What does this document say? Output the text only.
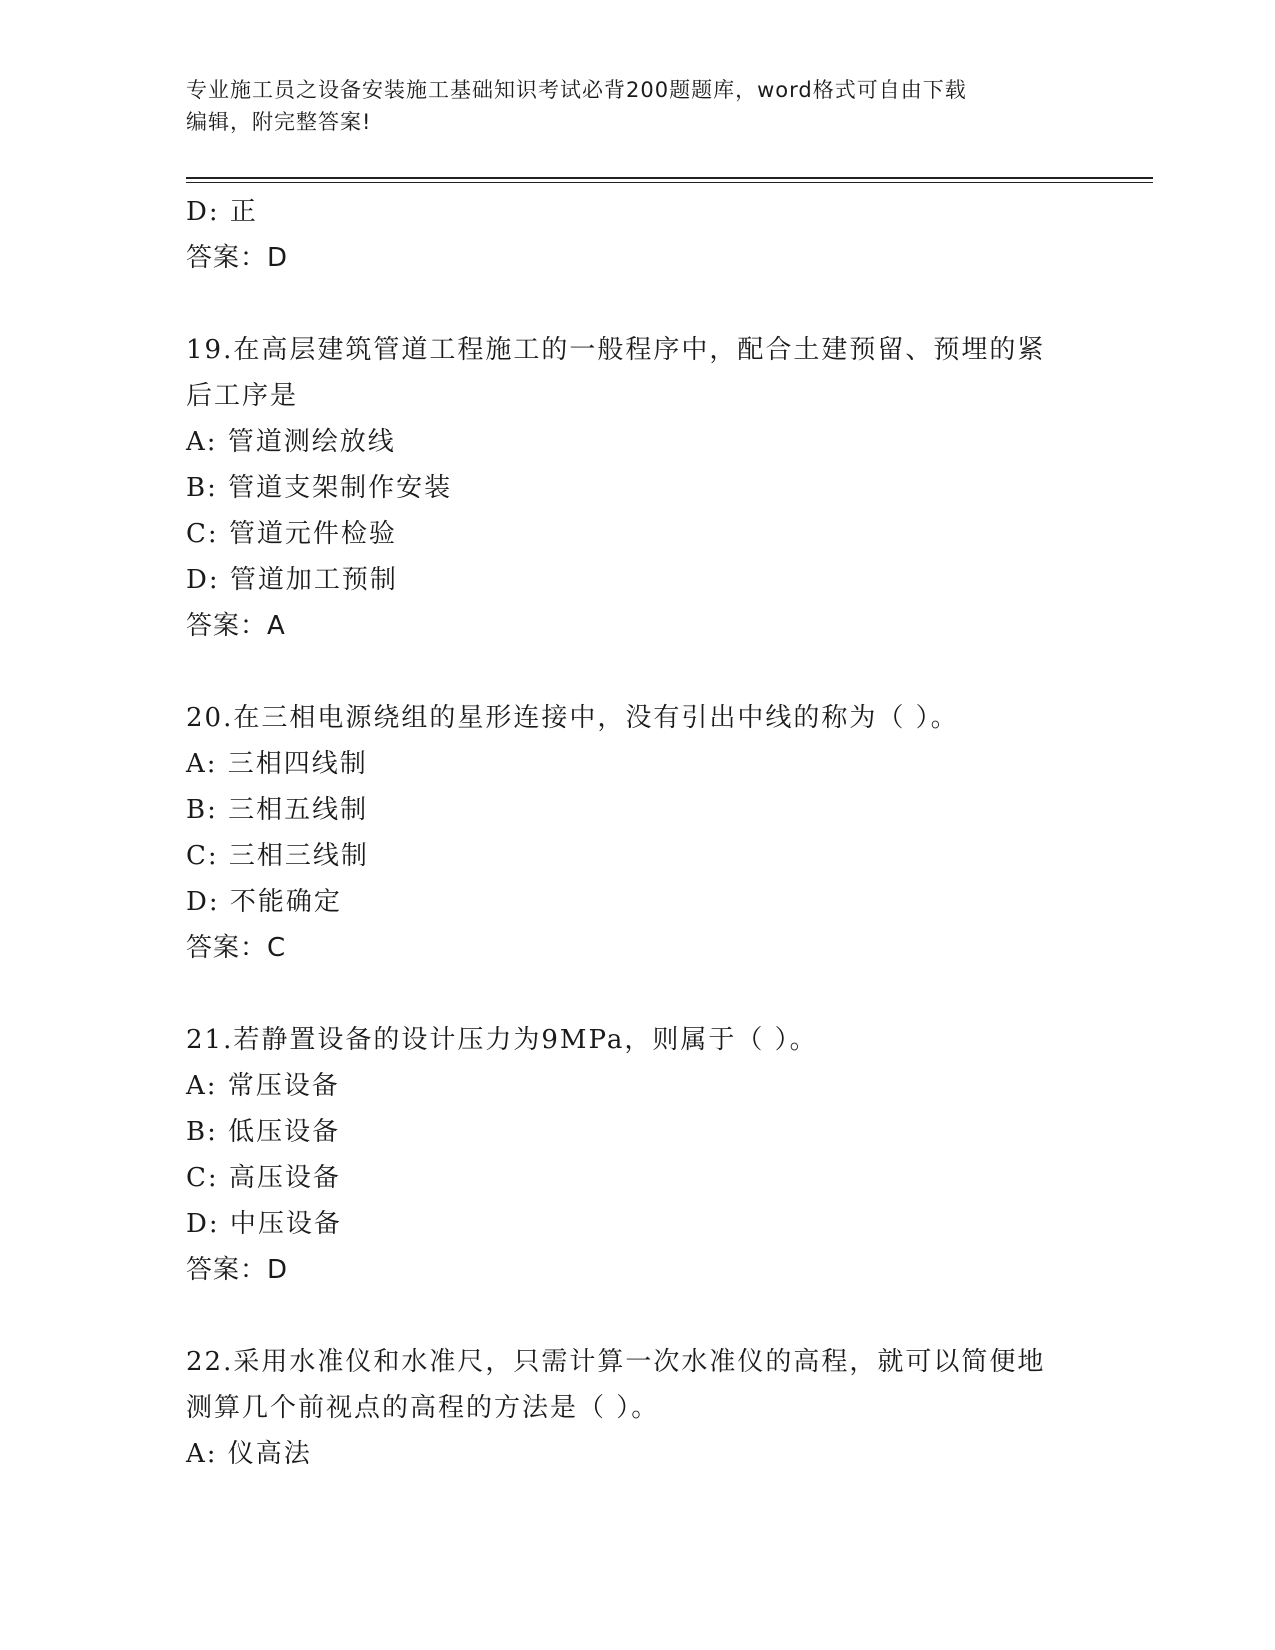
专业施工员之设备安装施工基础知识考试必背200题题库，word格式可自由下载
编辑，附完整答案!
D: 正
答案：D
19.在高层建筑管道工程施工的一般程序中，配合土建预留、预埋的紧
后工序是
A: 管道测绘放线
B: 管道支架制作安装
C: 管道元件检验
D: 管道加工预制
答案：A
20.在三相电源绕组的星形连接中，没有引出中线的称为（ ）。
A: 三相四线制
B: 三相五线制
C: 三相三线制
D: 不能确定
答案：C
21.若静置设备的设计压力为9MPa，则属于（ ）。
A: 常压设备
B: 低压设备
C: 高压设备
D: 中压设备
答案：D
22.采用水准仪和水准尺，只需计算一次水准仪的高程，就可以简便地
测算几个前视点的高程的方法是（ ）。
A: 仪高法
